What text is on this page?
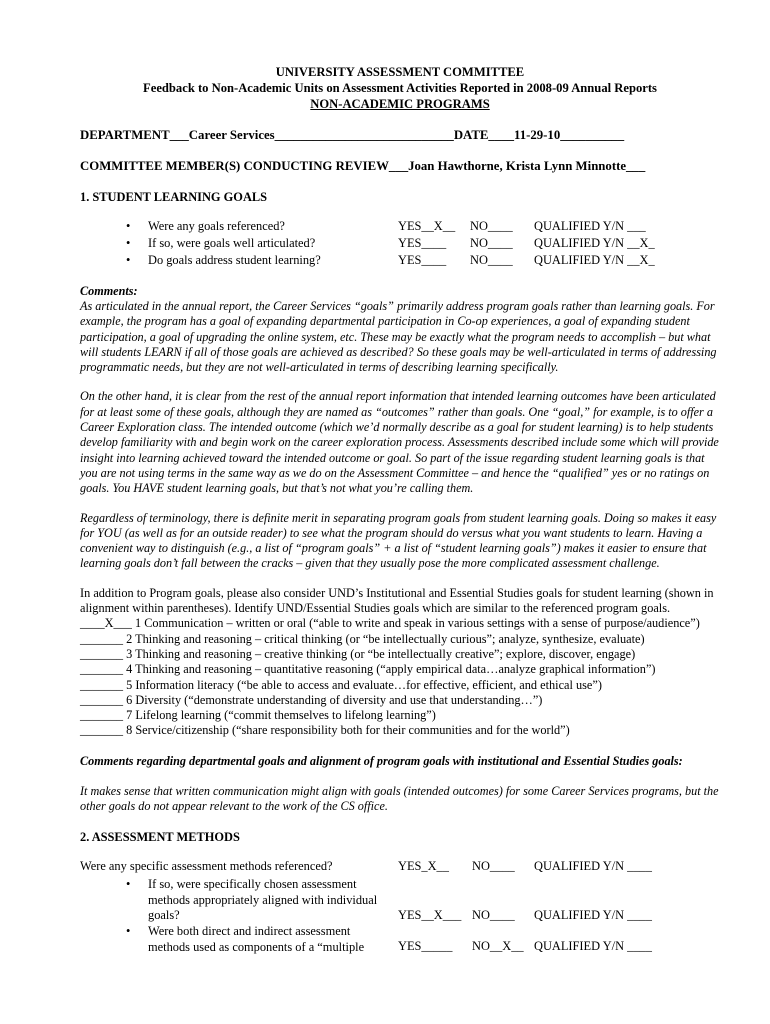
UNIVERSITY ASSESSMENT COMMITTEE
Feedback to Non-Academic Units on Assessment Activities Reported in 2008-09 Annual Reports
NON-ACADEMIC PROGRAMS
DEPARTMENT___Career Services____________________________DATE____11-29-10__________
COMMITTEE MEMBER(S) CONDUCTING REVIEW___Joan Hawthorne, Krista Lynn Minnotte___
1. STUDENT LEARNING GOALS
• Were any goals referenced?	YES__X__ NO____ QUALIFIED Y/N ___
• If so, were goals well articulated?	YES____ NO____ QUALIFIED Y/N __X_
• Do goals address student learning?	YES____ NO____ QUALIFIED Y/N __X_
Comments:

As articulated in the annual report, the Career Services “goals” primarily address program goals rather than learning goals. For example, the program has a goal of expanding departmental participation in Co-op experiences, a goal of expanding student participation, a goal of upgrading the online system, etc. These may be exactly what the program needs to accomplish – but what will students LEARN if all of those goals are achieved as described? So these goals may be well-articulated in terms of addressing programmatic needs, but they are not well-articulated in terms of describing learning specifically.

On the other hand, it is clear from the rest of the annual report information that intended learning outcomes have been articulated for at least some of these goals, although they are named as “outcomes” rather than goals. One “goal,” for example, is to offer a Career Exploration class. The intended outcome (which we’d normally describe as a goal for student learning) is to help students develop familiarity with and begin work on the career exploration process. Assessments described include some which will provide insight into learning achieved toward the intended outcome or goal. So part of the issue regarding student learning goals is that you are not using terms in the same way as we do on the Assessment Committee – and hence the “qualified” yes or no ratings on goals. You HAVE student learning goals, but that’s not what you’re calling them.

Regardless of terminology, there is definite merit in separating program goals from student learning goals. Doing so makes it easy for YOU (as well as for an outside reader) to see what the program should do versus what you want students to learn. Having a convenient way to distinguish (e.g., a list of “program goals” + a list of “student learning goals”) makes it easier to ensure that learning goals don’t fall between the cracks – given that they usually pose the more complicated assessment challenge.

In addition to Program goals, please also consider UND’s Institutional and Essential Studies goals for student learning (shown in alignment within parentheses). Identify UND/Essential Studies goals which are similar to the referenced program goals.

____X___ 1 Communication – written or oral (“able to write and speak in various settings with a sense of purpose/audience”)
_______ 2 Thinking and reasoning – critical thinking (or “be intellectually curious”; analyze, synthesize, evaluate)
_______ 3 Thinking and reasoning – creative thinking (or “be intellectually creative”; explore, discover, engage)
_______ 4 Thinking and reasoning – quantitative reasoning (“apply empirical data…analyze graphical information”)
_______ 5 Information literacy (“be able to access and evaluate…for effective, efficient, and ethical use”)
_______ 6 Diversity (“demonstrate understanding of diversity and use that understanding…”)
_______ 7 Lifelong learning (“commit themselves to lifelong learning”)
_______ 8 Service/citizenship (“share responsibility both for their communities and for the world”)
Comments regarding departmental goals and alignment of program goals with institutional and Essential Studies goals:

It makes sense that written communication might align with goals (intended outcomes) for some Career Services programs, but the other goals do not appear relevant to the work of the CS office.

2. ASSESSMENT METHODS
Were any specific assessment methods referenced?	YES_X__ NO____ QUALIFIED Y/N ____
• If so, were specifically chosen assessment methods appropriately aligned with individual goals?	YES__X___ NO____ QUALIFIED Y/N ____
• Were both direct and indirect assessment methods used as components of a “multiple	YES_____ NO__X__ QUALIFIED Y/N ____
